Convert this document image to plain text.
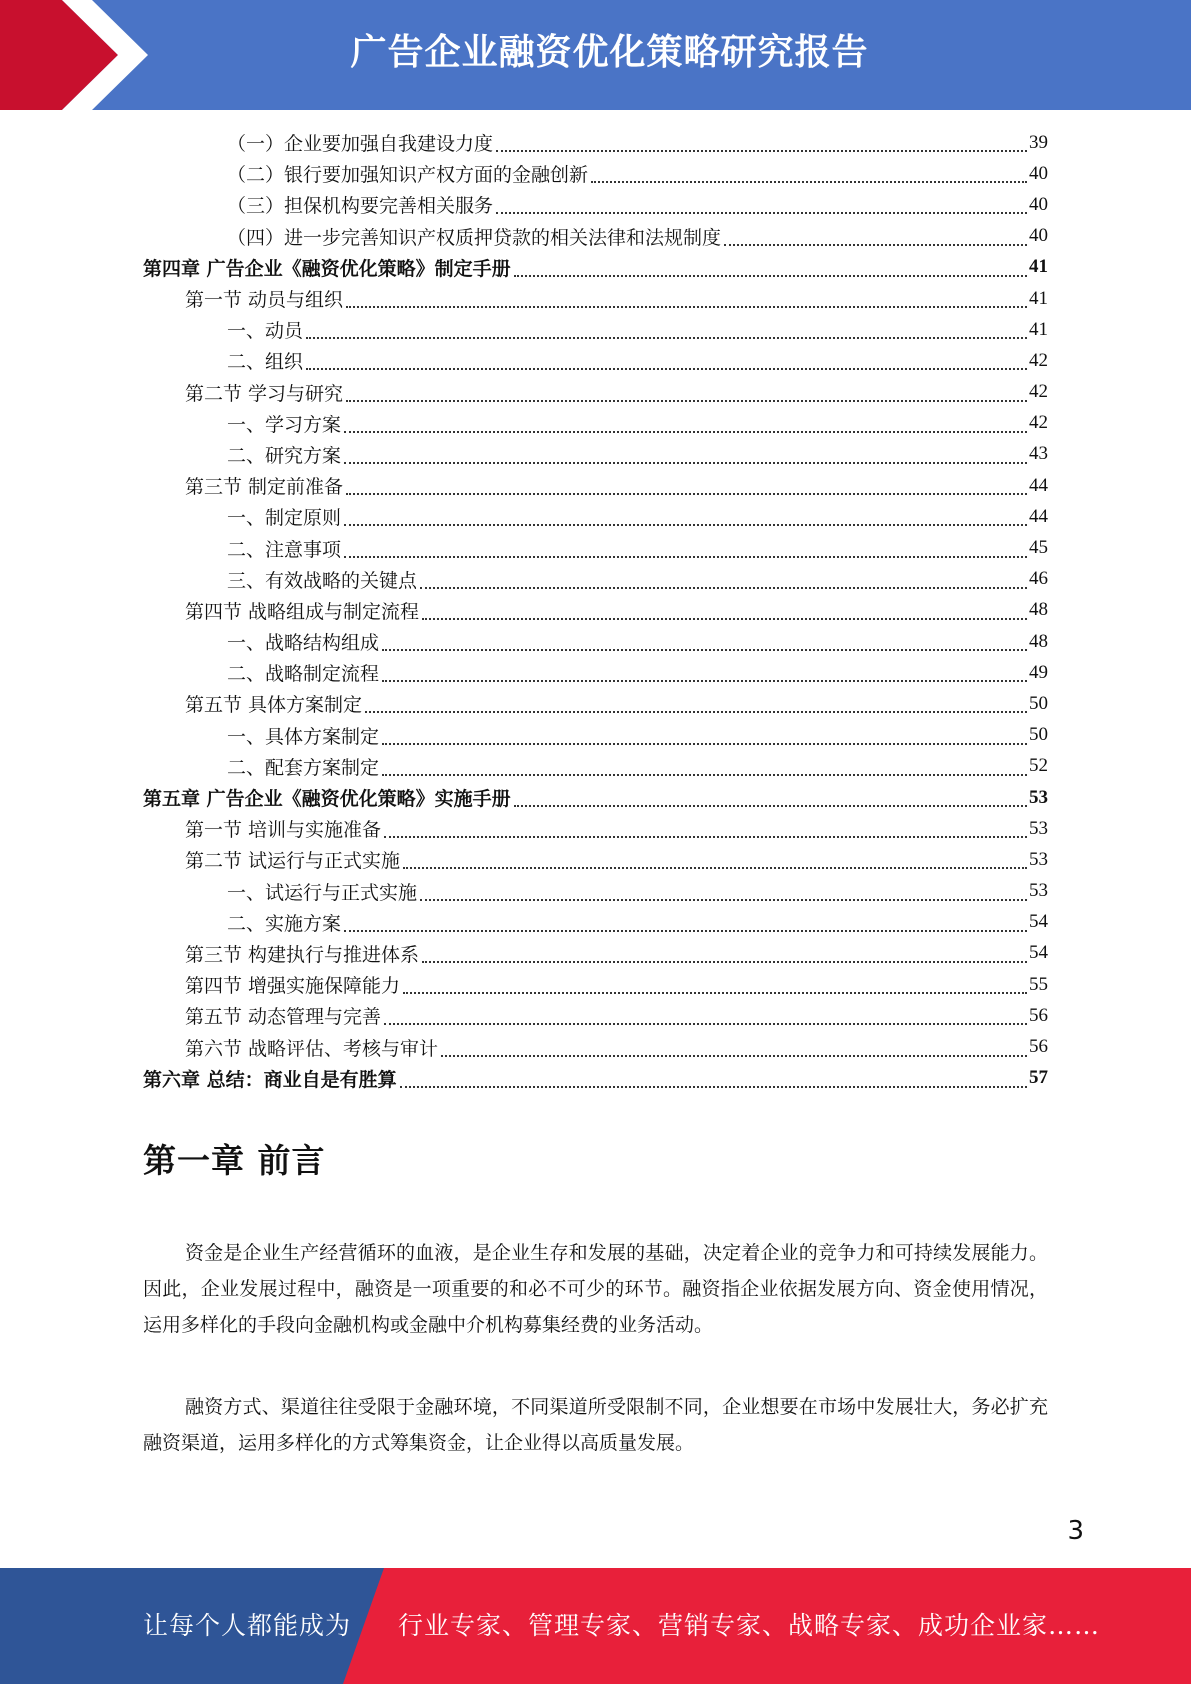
广告企业融资优化策略研究报告
（一）企业要加强自我建设力度	39
（二）银行要加强知识产权方面的金融创新	40
（三）担保机构要完善相关服务	40
（四）进一步完善知识产权质押贷款的相关法律和法规制度	40
第四章 广告企业《融资优化策略》制定手册	41
第一节 动员与组织	41
一、动员	41
二、组织	42
第二节 学习与研究	42
一、学习方案	42
二、研究方案	43
第三节 制定前准备	44
一、制定原则	44
二、注意事项	45
三、有效战略的关键点	46
第四节 战略组成与制定流程	48
一、战略结构组成	48
二、战略制定流程	49
第五节 具体方案制定	50
一、具体方案制定	50
二、配套方案制定	52
第五章 广告企业《融资优化策略》实施手册	53
第一节 培训与实施准备	53
第二节 试运行与正式实施	53
一、试运行与正式实施	53
二、实施方案	54
第三节 构建执行与推进体系	54
第四节 增强实施保障能力	55
第五节 动态管理与完善	56
第六节 战略评估、考核与审计	56
第六章 总结：商业自是有胜算	57
第一章 前言

资金是企业生产经营循环的血液，是企业生存和发展的基础，决定着企业的竞争力和可持续发展能力。因此，企业发展过程中，融资是一项重要的和必不可少的环节。融资指企业依据发展方向、资金使用情况，运用多样化的手段向金融机构或金融中介机构募集经费的业务活动。

融资方式、渠道往往受限于金融环境，不同渠道所受限制不同，企业想要在市场中发展壮大，务必扩充融资渠道，运用多样化的方式筹集资金，让企业得以高质量发展。

3
让每个人都能成为 行业专家、管理专家、营销专家、战略专家、成功企业家……
